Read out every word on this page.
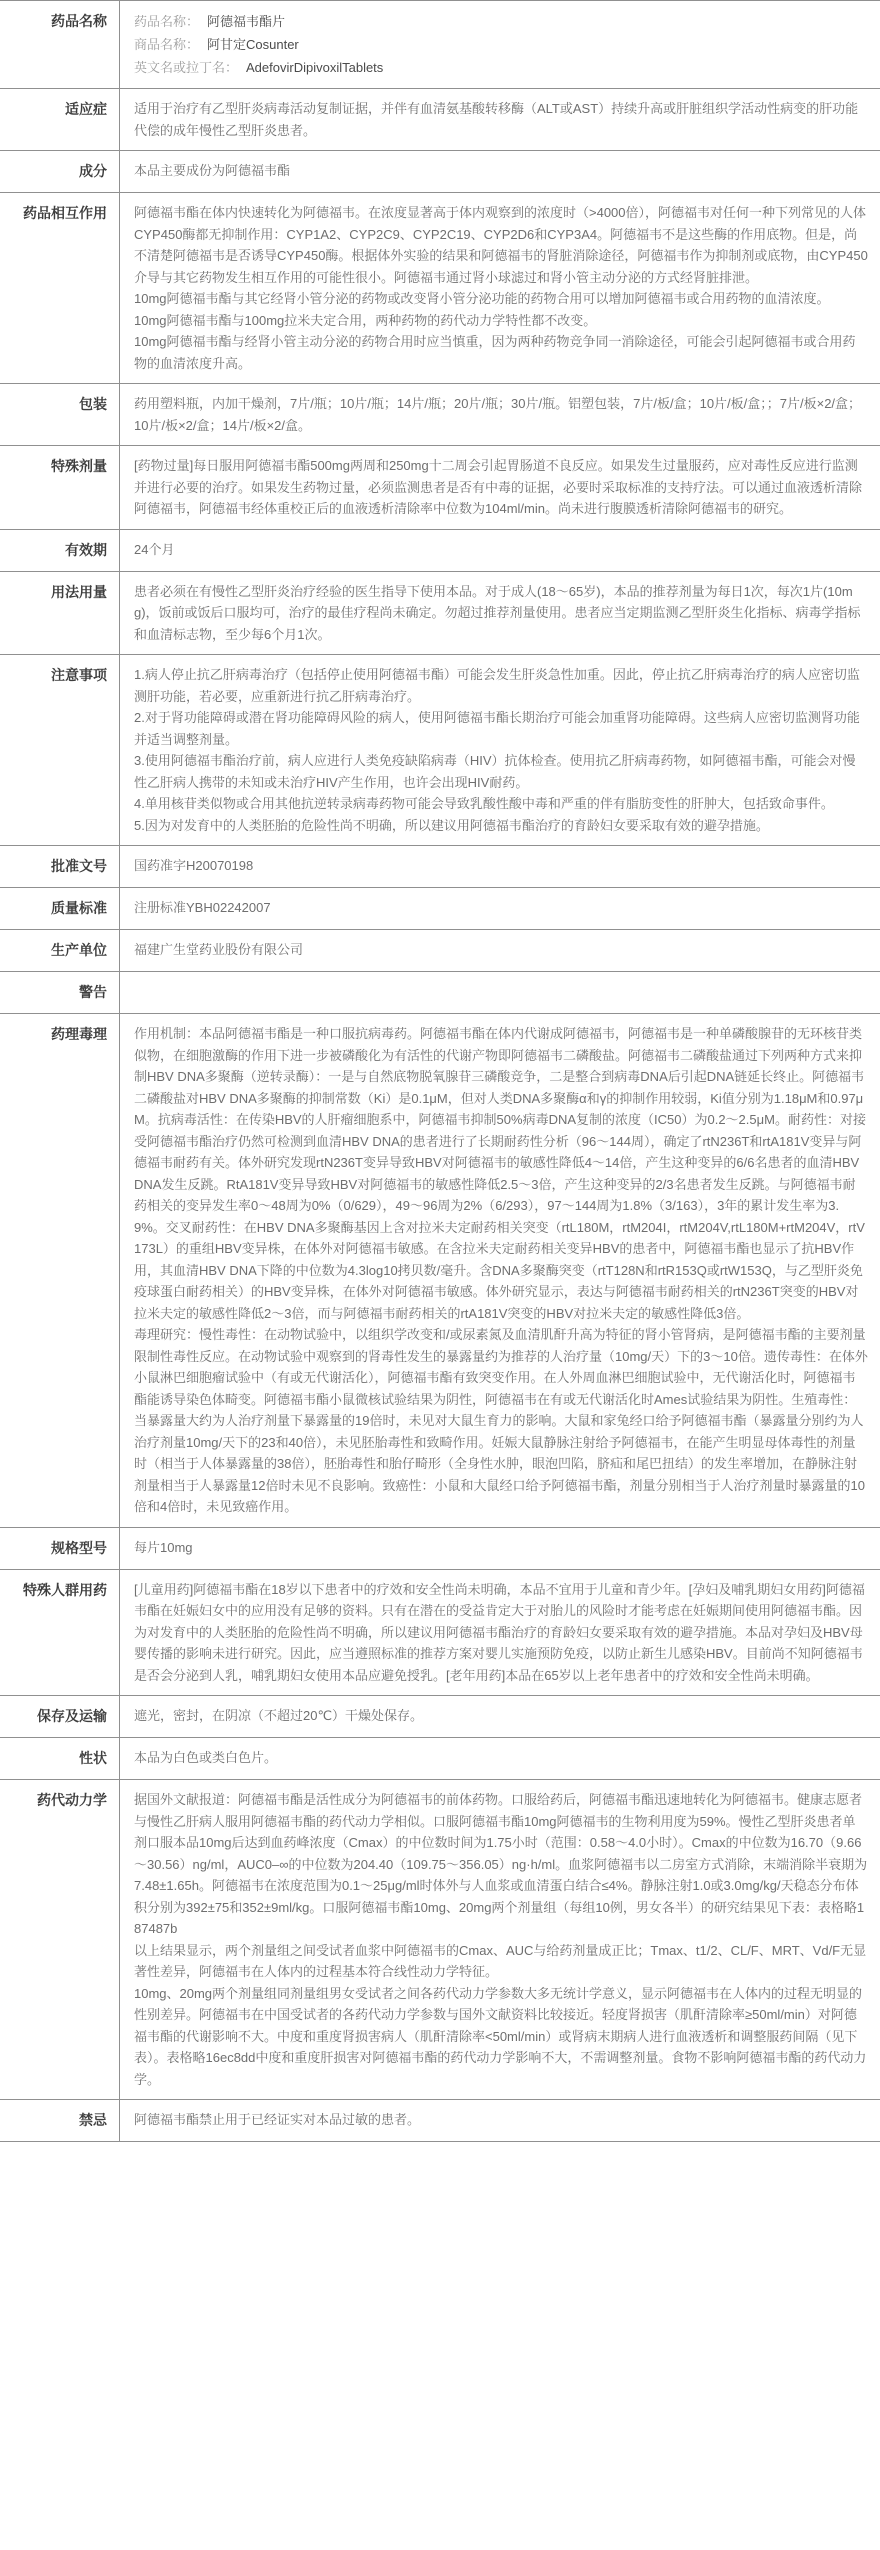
药品名称	药品名称： 阿德福韦酯片

商品名称： 阿甘定Cosunter

英文名或拉丁名： AdefovirDipivoxilTablets

适应症	适用于治疗有乙型肝炎病毒活动复制证据，并伴有血清氨基酸转移酶（ALT或AST）持续升高或肝脏组织学活动性病变的肝功能代偿的成年慢性乙型肝炎患者。

成分	本品主要成份为阿德福韦酯

药品相互作用	阿德福韦酯在体内快速转化为阿德福韦。在浓度显著高于体内观察到的浓度时（>4000倍），阿德福韦对任何一种下列常见的人体CYP450酶都无抑制作用：CYP1A2、CYP2C9、CYP2C19、CYP2D6和CYP3A4。阿德福韦不是这些酶的作用底物。但是，尚不清楚阿德福韦是否诱导CYP450酶。根据体外实验的结果和阿德福韦的肾脏消除途径，阿德福韦作为抑制剂或底物，由CYP450介导与其它药物发生相互作用的可能性很小。阿德福韦通过肾小球滤过和肾小管主动分泌的方式经肾脏排泄。

10mg阿德福韦酯与其它经肾小管分泌的药物或改变肾小管分泌功能的药物合用可以增加阿德福韦或合用药物的血清浓度。

10mg阿德福韦酯与100mg拉米夫定合用，两种药物的药代动力学特性都不改变。

10mg阿德福韦酯与经肾小管主动分泌的药物合用时应当慎重，因为两种药物竞争同一消除途径，可能会引起阿德福韦或合用药物的血清浓度升高。

包装	药用塑料瓶，内加干燥剂，7片/瓶；10片/瓶；14片/瓶；20片/瓶；30片/瓶。铝塑包装，7片/板/盒；10片/板/盒；；7片/板×2/盒；10片/板×2/盒；14片/板×2/盒。

特殊剂量	[药物过量]每日服用阿德福韦酯500mg两周和250mg十二周会引起胃肠道不良反应。如果发生过量服药，应对毒性反应进行监测并进行必要的治疗。如果发生药物过量，必须监测患者是否有中毒的证据，必要时采取标准的支持疗法。可以通过血液透析清除阿德福韦，阿德福韦经体重校正后的血液透析清除率中位数为104ml/min。尚未进行腹膜透析清除阿德福韦的研究。

有效期	24个月

用法用量	患者必须在有慢性乙型肝炎治疗经验的医生指导下使用本品。对于成人(18～65岁)，本品的推荐剂量为每日1次，每次1片(10mg)，饭前或饭后口服均可，治疗的最佳疗程尚未确定。勿超过推荐剂量使用。患者应当定期监测乙型肝炎生化指标、病毒学指标和血清标志物，至少每6个月1次。

注意事项	1.病人停止抗乙肝病毒治疗（包括停止使用阿德福韦酯）可能会发生肝炎急性加重。因此，停止抗乙肝病毒治疗的病人应密切监测肝功能，若必要，应重新进行抗乙肝病毒治疗。

2.对于肾功能障碍或潜在肾功能障碍风险的病人，使用阿德福韦酯长期治疗可能会加重肾功能障碍。这些病人应密切监测肾功能并适当调整剂量。

3.使用阿德福韦酯治疗前，病人应进行人类免疫缺陷病毒（HIV）抗体检查。使用抗乙肝病毒药物，如阿德福韦酯，可能会对慢性乙肝病人携带的未知或未治疗HIV产生作用，也许会出现HIV耐药。

4.单用核苷类似物或合用其他抗逆转录病毒药物可能会导致乳酸性酸中毒和严重的伴有脂肪变性的肝肿大，包括致命事件。

5.因为对发育中的人类胚胎的危险性尚不明确，所以建议用阿德福韦酯治疗的育龄妇女要采取有效的避孕措施。

批准文号	国药准字H20070198

质量标准	注册标准YBH02242007

生产单位	福建广生堂药业股份有限公司

警告

药理毒理	作用机制：本品阿德福韦酯是一种口服抗病毒药。阿德福韦酯在体内代谢成阿德福韦，阿德福韦是一种单磷酸腺苷的无环核苷类似物，在细胞激酶的作用下进一步被磷酸化为有活性的代谢产物即阿德福韦二磷酸盐。阿德福韦二磷酸盐通过下列两种方式来抑制HBV DNA多聚酶（逆转录酶）：一是与自然底物脱氧腺苷三磷酸竞争，二是整合到病毒DNA后引起DNA链延长终止。阿德福韦二磷酸盐对HBV DNA多聚酶的抑制常数（Ki）是0.1μM，但对人类DNA多聚酶α和γ的抑制作用较弱，Ki值分别为1.18μM和0.97μM。抗病毒活性：在传染HBV的人肝瘤细胞系中，阿德福韦抑制50%病毒DNA复制的浓度（IC50）为0.2～2.5μM。耐药性：对接受阿德福韦酯治疗仍然可检测到血清HBV DNA的患者进行了长期耐药性分析（96～144周），确定了rtN236T和rtA181V变异与阿德福韦耐药有关。体外研究发现rtN236T变异导致HBV对阿德福韦的敏感性降低4～14倍，产生这种变异的6/6名患者的血清HBV DNA发生反跳。RtA181V变异导致HBV对阿德福韦的敏感性降低2.5～3倍，产生这种变异的2/3名患者发生反跳。与阿德福韦耐药相关的变异发生率0～48周为0%（0/629），49～96周为2%（6/293），97～144周为1.8%（3/163），3年的累计发生率为3.9%。交叉耐药性：在HBV DNA多聚酶基因上含对拉米夫定耐药相关突变（rtL180M，rtM204I，rtM204V,rtL180M+rtM204V，rtV173L）的重组HBV变异株，在体外对阿德福韦敏感。在含拉米夫定耐药相关变异HBV的患者中，阿德福韦酯也显示了抗HBV作用，其血清HBV DNA下降的中位数为4.3log10拷贝数/毫升。含DNA多聚酶突变（rtT128N和rtR153Q或rtW153Q，与乙型肝炎免疫球蛋白耐药相关）的HBV变异株，在体外对阿德福韦敏感。体外研究显示，表达与阿德福韦耐药相关的rtN236T突变的HBV对拉米夫定的敏感性降低2～3倍，而与阿德福韦耐药相关的rtA181V突变的HBV对拉米夫定的敏感性降低3倍。

毒理研究：慢性毒性：在动物试验中，以组织学改变和/或尿素氮及血清肌酐升高为特征的肾小管肾病，是阿德福韦酯的主要剂量限制性毒性反应。在动物试验中观察到的肾毒性发生的暴露量约为推荐的人治疗量（10mg/天）下的3～10倍。遗传毒性：在体外小鼠淋巴细胞瘤试验中（有或无代谢活化），阿德福韦酯有致突变作用。在人外周血淋巴细胞试验中，无代谢活化时，阿德福韦酯能诱导染色体畸变。阿德福韦酯小鼠微核试验结果为阴性，阿德福韦在有或无代谢活化时Ames试验结果为阴性。生殖毒性：当暴露量大约为人治疗剂量下暴露量的19倍时，未见对大鼠生育力的影响。大鼠和家兔经口给予阿德福韦酯（暴露量分别约为人治疗剂量10mg/天下的23和40倍），未见胚胎毒性和致畸作用。妊娠大鼠静脉注射给予阿德福韦，在能产生明显母体毒性的剂量时（相当于人体暴露量的38倍），胚胎毒性和胎仔畸形（全身性水肿，眼泡凹陷，脐疝和尾巴扭结）的发生率增加，在静脉注射剂量相当于人暴露量12倍时未见不良影响。致癌性：小鼠和大鼠经口给予阿德福韦酯，剂量分别相当于人治疗剂量时暴露量的10倍和4倍时，未见致癌作用。

规格型号	每片10mg

特殊人群用药	[儿童用药]阿德福韦酯在18岁以下患者中的疗效和安全性尚未明确，本品不宜用于儿童和青少年。[孕妇及哺乳期妇女用药]阿德福韦酯在妊娠妇女中的应用没有足够的资料。只有在潜在的受益肯定大于对胎儿的风险时才能考虑在妊娠期间使用阿德福韦酯。因为对发育中的人类胚胎的危险性尚不明确，所以建议用阿德福韦酯治疗的育龄妇女要采取有效的避孕措施。本品对孕妇及HBV母婴传播的影响未进行研究。因此，应当遵照标准的推荐方案对婴儿实施预防免疫，以防止新生儿感染HBV。目前尚不知阿德福韦是否会分泌到人乳，哺乳期妇女使用本品应避免授乳。[老年用药]本品在65岁以上老年患者中的疗效和安全性尚未明确。

保存及运输	遮光，密封，在阴凉（不超过20℃）干燥处保存。

性状	本品为白色或类白色片。

药代动力学	据国外文献报道：阿德福韦酯是活性成分为阿德福韦的前体药物。口服给药后，阿德福韦酯迅速地转化为阿德福韦。健康志愿者与慢性乙肝病人服用阿德福韦酯的药代动力学相似。口服阿德福韦酯10mg阿德福韦的生物利用度为59%。慢性乙型肝炎患者单剂口服本品10mg后达到血药峰浓度（Cmax）的中位数时间为1.75小时（范围：0.58～4.0小时）。Cmax的中位数为16.70（9.66～30.56）ng/ml，AUC0–∞的中位数为204.40（109.75～356.05）ng·h/ml。血浆阿德福韦以二房室方式消除，末端消除半衰期为7.48±1.65h。阿德福韦在浓度范围为0.1～25μg/ml时体外与人血浆或血清蛋白结合≤4%。静脉注射1.0或3.0mg/kg/天稳态分布体积分别为392±75和352±9ml/kg。口服阿德福韦酯10mg、20mg两个剂量组（每组10例，男女各半）的研究结果见下表：表格略187487b

以上结果显示，两个剂量组之间受试者血浆中阿德福韦的Cmax、AUC与给药剂量成正比；Tmax、t1/2、CL/F、MRT、Vd/F无显著性差异，阿德福韦在人体内的过程基本符合线性动力学特征。

10mg、20mg两个剂量组同剂量组男女受试者之间各药代动力学参数大多无统计学意义，显示阿德福韦在人体内的过程无明显的性别差异。阿德福韦在中国受试者的各药代动力学参数与国外文献资料比较接近。轻度肾损害（肌酐清除率≥50ml/min）对阿德福韦酯的代谢影响不大。中度和重度肾损害病人（肌酐清除率<50ml/min）或肾病末期病人进行血液透析和调整服药间隔（见下表）。表格略16ec8dd中度和重度肝损害对阿德福韦酯的药代动力学影响不大，不需调整剂量。食物不影响阿德福韦酯的药代动力学。

禁忌	阿德福韦酯禁止用于已经证实对本品过敏的患者。
